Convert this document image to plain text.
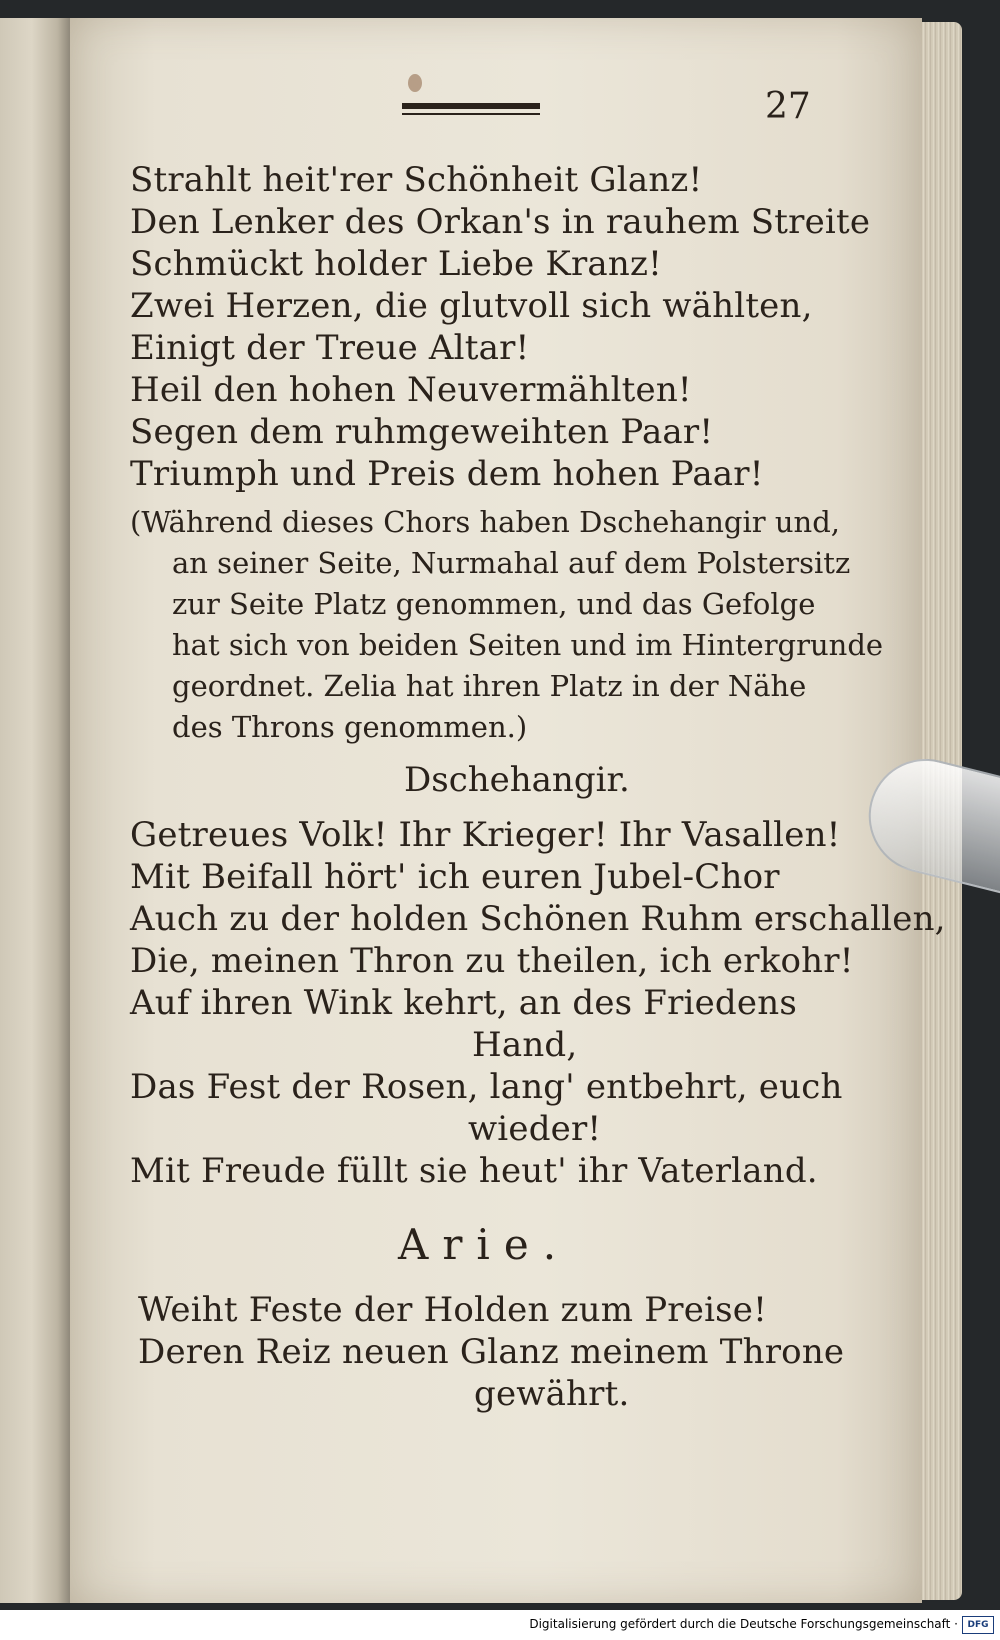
27
Strahlt heit'rer Schönheit Glanz!
Den Lenker des Orkan's in rauhem Streite
Schmückt holder Liebe Kranz!
Zwei Herzen, die glutvoll sich wählten,
Einigt der Treue Altar!
Heil den hohen Neuvermählten!
Segen dem ruhmgeweihten Paar!
Triumph und Preis dem hohen Paar!
(Während dieses Chors haben Dschehangir und,
an seiner Seite, Nurmahal auf dem Polstersitz
zur Seite Platz genommen, und das Gefolge
hat sich von beiden Seiten und im Hintergrunde
geordnet. Zelia hat ihren Platz in der Nähe
des Throns genommen.)
Dschehangir.
Getreues Volk! Ihr Krieger! Ihr Vasallen!
Mit Beifall hört' ich euren Jubel-Chor
Auch zu der holden Schönen Ruhm erschallen,
Die, meinen Thron zu theilen, ich erkohr!
Auf ihren Wink kehrt, an des Friedens
Hand,
Das Fest der Rosen, lang' entbehrt, euch
wieder!
Mit Freude füllt sie heut' ihr Vaterland.
Arie.
Weiht Feste der Holden zum Preise!
Deren Reiz neuen Glanz meinem Throne
gewährt.
Digitalisierung gefördert durch die Deutsche Forschungsgemeinschaft ·	DFG
